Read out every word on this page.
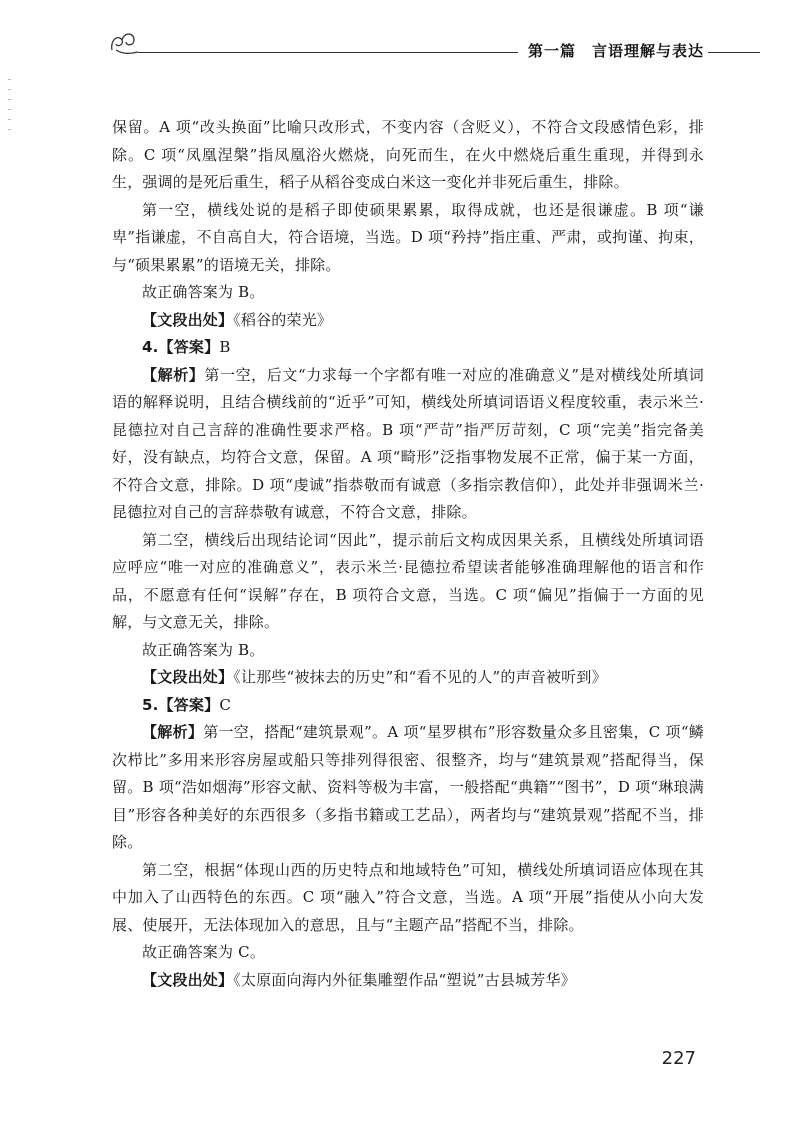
第一篇　言语理解与表达

保留。A 项“改头换面”比喻只改形式，不变内容（含贬义），不符合文段感情色彩，排除。C 项“凤凰涅槃”指凤凰浴火燃烧，向死而生，在火中燃烧后重生重现，并得到永生，强调的是死后重生，稻子从稻谷变成白米这一变化并非死后重生，排除。

第一空，横线处说的是稻子即使硕果累累，取得成就，也还是很谦虚。B 项“谦卑”指谦虚，不自高自大，符合语境，当选。D 项“矜持”指庄重、严肃，或拘谨、拘束，与“硕果累累”的语境无关，排除。

故正确答案为 B。

【文段出处】《稻谷的荣光》

4.【答案】B

【解析】第一空，后文“力求每一个字都有唯一对应的准确意义”是对横线处所填词语的解释说明，且结合横线前的“近乎”可知，横线处所填词语语义程度较重，表示米兰·昆德拉对自己言辞的准确性要求严格。B 项“严苛”指严厉苛刻，C 项“完美”指完备美好，没有缺点，均符合文意，保留。A 项“畸形”泛指事物发展不正常，偏于某一方面，不符合文意，排除。D 项“虔诚”指恭敬而有诚意（多指宗教信仰），此处并非强调米兰·昆德拉对自己的言辞恭敬有诚意，不符合文意，排除。

第二空，横线后出现结论词“因此”，提示前后文构成因果关系，且横线处所填词语应呼应“唯一对应的准确意义”，表示米兰·昆德拉希望读者能够准确理解他的语言和作品，不愿意有任何“误解”存在，B 项符合文意，当选。C 项“偏见”指偏于一方面的见解，与文意无关，排除。

故正确答案为 B。

【文段出处】《让那些“被抹去的历史”和“看不见的人”的声音被听到》

5.【答案】C

【解析】第一空，搭配“建筑景观”。A 项“星罗棋布”形容数量众多且密集，C 项“鳞次栉比”多用来形容房屋或船只等排列得很密、很整齐，均与“建筑景观”搭配得当，保留。B 项“浩如烟海”形容文献、资料等极为丰富，一般搭配“典籍”“图书”，D 项“琳琅满目”形容各种美好的东西很多（多指书籍或工艺品），两者均与“建筑景观”搭配不当，排除。

第二空，根据“体现山西的历史特点和地域特色”可知，横线处所填词语应体现在其中加入了山西特色的东西。C 项“融入”符合文意，当选。A 项“开展”指使从小向大发展、使展开，无法体现加入的意思，且与“主题产品”搭配不当，排除。

故正确答案为 C。

【文段出处】《太原面向海内外征集雕塑作品“塑说”古县城芳华》

227
